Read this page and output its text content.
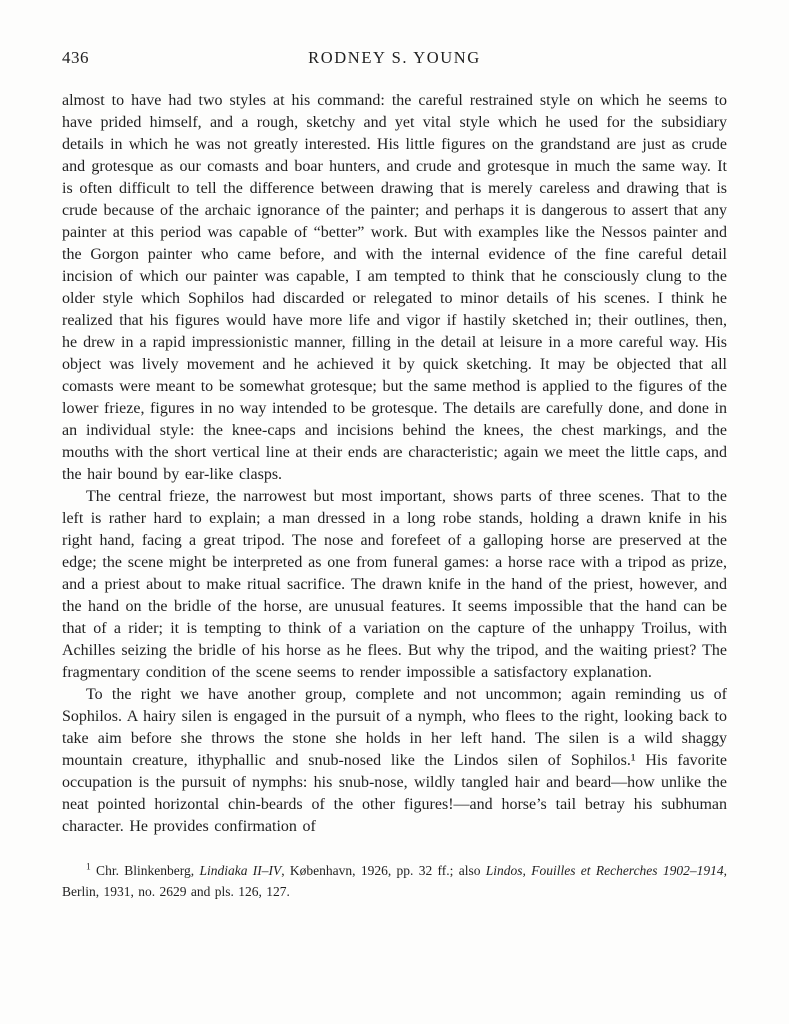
436	RODNEY S. YOUNG

almost to have had two styles at his command: the careful restrained style on which he seems to have prided himself, and a rough, sketchy and yet vital style which he used for the subsidiary details in which he was not greatly interested. His little figures on the grandstand are just as crude and grotesque as our comasts and boar hunters, and crude and grotesque in much the same way. It is often difficult to tell the difference between drawing that is merely careless and drawing that is crude because of the archaic ignorance of the painter; and perhaps it is dangerous to assert that any painter at this period was capable of “better” work. But with examples like the Nessos painter and the Gorgon painter who came before, and with the internal evidence of the fine careful detail incision of which our painter was capable, I am tempted to think that he consciously clung to the older style which Sophilos had discarded or relegated to minor details of his scenes. I think he realized that his figures would have more life and vigor if hastily sketched in; their outlines, then, he drew in a rapid impressionistic manner, filling in the detail at leisure in a more careful way. His object was lively movement and he achieved it by quick sketching. It may be objected that all comasts were meant to be somewhat grotesque; but the same method is applied to the figures of the lower frieze, figures in no way intended to be grotesque. The details are carefully done, and done in an individual style: the knee-caps and incisions behind the knees, the chest markings, and the mouths with the short vertical line at their ends are characteristic; again we meet the little caps, and the hair bound by ear-like clasps.

The central frieze, the narrowest but most important, shows parts of three scenes. That to the left is rather hard to explain; a man dressed in a long robe stands, holding a drawn knife in his right hand, facing a great tripod. The nose and forefeet of a galloping horse are preserved at the edge; the scene might be interpreted as one from funeral games: a horse race with a tripod as prize, and a priest about to make ritual sacrifice. The drawn knife in the hand of the priest, however, and the hand on the bridle of the horse, are unusual features. It seems impossible that the hand can be that of a rider; it is tempting to think of a variation on the capture of the unhappy Troilus, with Achilles seizing the bridle of his horse as he flees. But why the tripod, and the waiting priest? The fragmentary condition of the scene seems to render impossible a satisfactory explanation.

To the right we have another group, complete and not uncommon; again reminding us of Sophilos. A hairy silen is engaged in the pursuit of a nymph, who flees to the right, looking back to take aim before she throws the stone she holds in her left hand. The silen is a wild shaggy mountain creature, ithyphallic and snub-nosed like the Lindos silen of Sophilos.¹ His favorite occupation is the pursuit of nymphs: his snub-nose, wildly tangled hair and beard—how unlike the neat pointed horizontal chin-beards of the other figures!—and horse’s tail betray his subhuman character. He provides confirmation of

$^1$ Chr. Blinkenberg, Lindiaka II–IV, København, 1926, pp. 32 ff.; also Lindos, Fouilles et Recherches 1902–1914, Berlin, 1931, no. 2629 and pls. 126, 127.
